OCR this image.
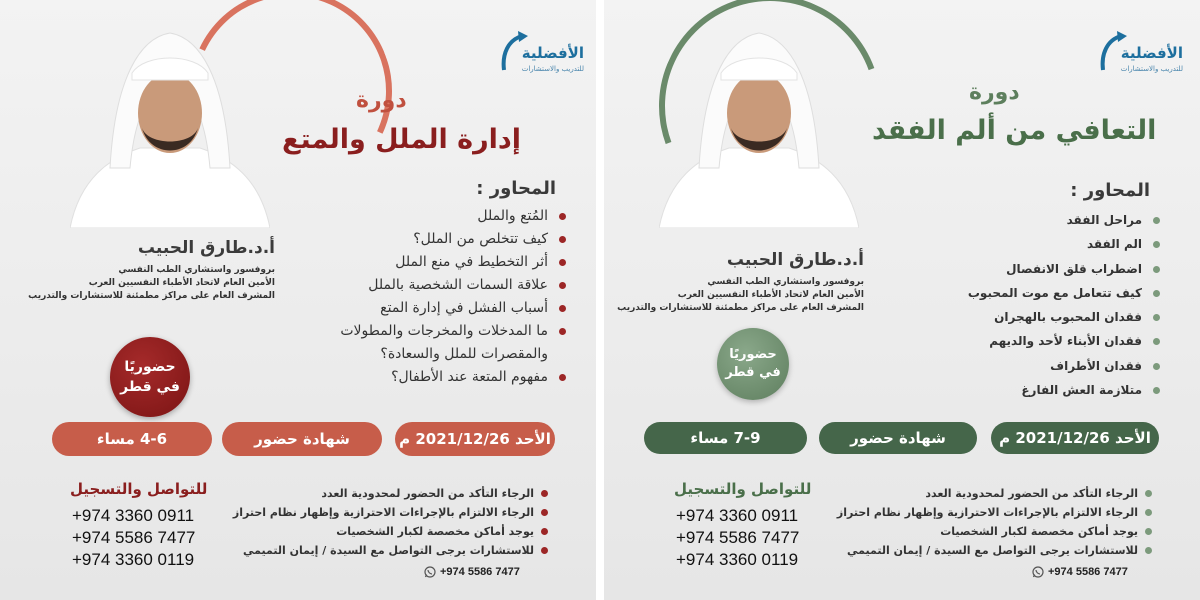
الأفضلية
للتدريب والاستشارات
دورة
إدارة الملل والمتع
المحاور :
المُتع والملل
كيف تتخلص من الملل؟
أثر التخطيط في منع الملل
علاقة السمات الشخصية بالملل
أسباب الفشل في إدارة المتع
ما المدخلات والمخرجات والمطولات
والمقصرات للملل والسعادة؟
مفهوم المتعة عند الأطفال؟
أ.د.طارق الحبيب
بروفسور واستشاري الطب النفسي
الأمين العام لاتحاد الأطباء النفسيين العرب
المشرف العام على مراكز مطمئنة للاستشارات والتدريب
حضوريًا
في قطر
الأحد 2021/12/26 م
شهادة حضور
4-6 مساء
للتواصل والتسجيل
+974 3360 0911
+974 5586 7477
+974 3360 0119
الرجاء التأكد من الحضور لمحدودية العدد
الرجاء الالتزام بالإجراءات الاحترازية وإظهار نظام احتراز
يوجد أماكن مخصصة لكبار الشخصيات
للاستشارات يرجى التواصل مع السيدة / إيمان التميمي
+974 5586 7477
الأفضلية
للتدريب والاستشارات
دورة
التعافي من ألم الفقد
المحاور :
مراحل الفقد
الم الفقد
اضطراب قلق الانفصال
كيف تتعامل مع موت المحبوب
فقدان المحبوب بالهجران
فقدان الأبناء لأحد والديهم
فقدان الأطراف
متلازمة العش الفارغ
أ.د.طارق الحبيب
بروفسور واستشاري الطب النفسي
الأمين العام لاتحاد الأطباء النفسيين العرب
المشرف العام على مراكز مطمئنة للاستشارات والتدريب
حضوريًا
في قطر
الأحد 2021/12/26 م
شهادة حضور
7-9 مساء
للتواصل والتسجيل
+974 3360 0911
+974 5586 7477
+974 3360 0119
الرجاء التأكد من الحضور لمحدودية العدد
الرجاء الالتزام بالإجراءات الاحترازية وإظهار نظام احتراز
يوجد أماكن مخصصة لكبار الشخصيات
للاستشارات يرجى التواصل مع السيدة / إيمان التميمي
+974 5586 7477
